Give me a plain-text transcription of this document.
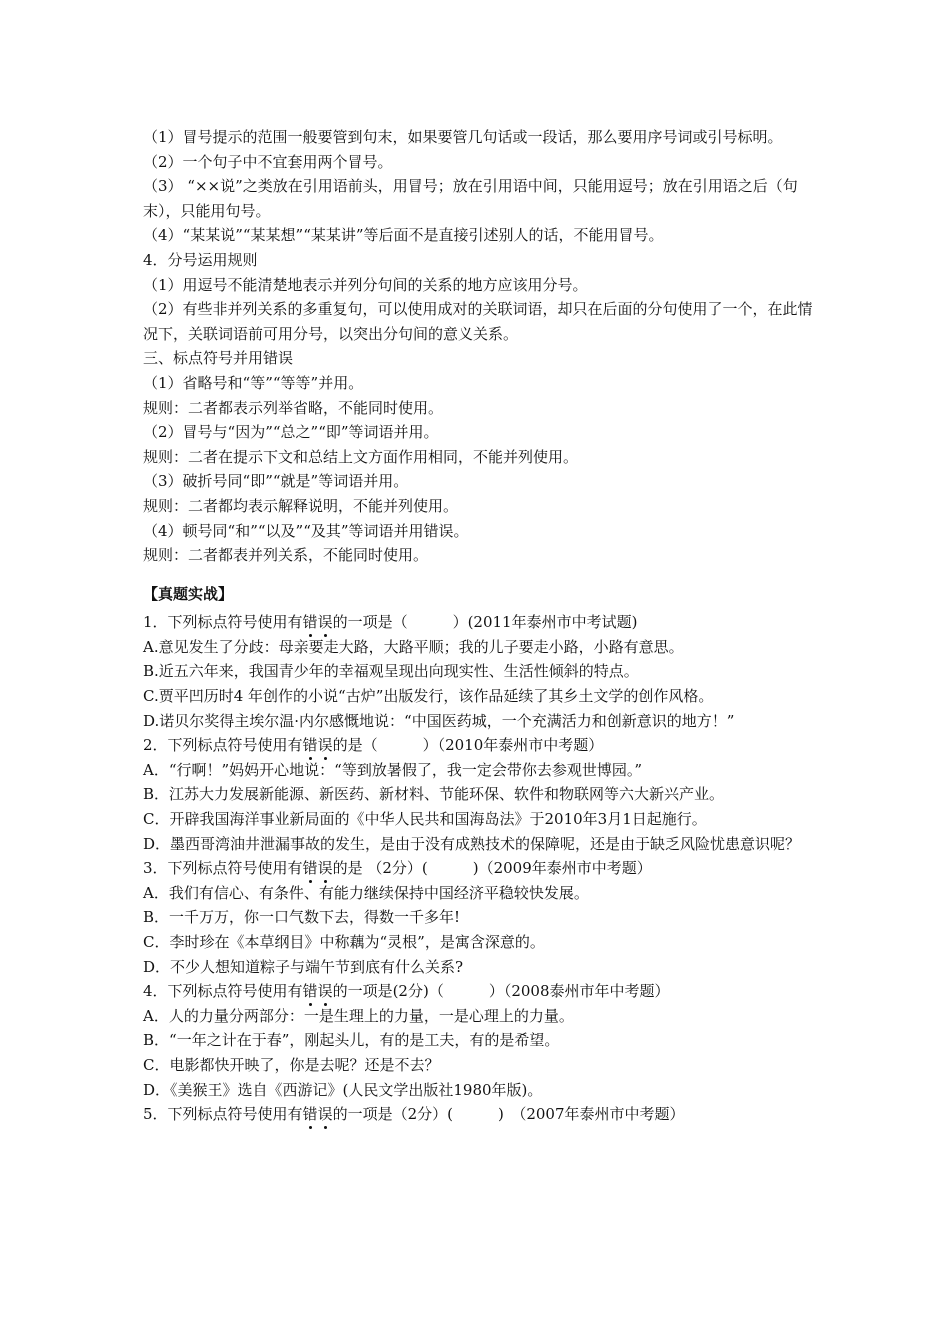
（1）冒号提示的范围一般要管到句末，如果要管几句话或一段话，那么要用序号词或引号标明。
（2）一个句子中不宜套用两个冒号。
（3） “××说”之类放在引用语前头，用冒号；放在引用语中间，只能用逗号；放在引用语之后（句末），只能用句号。
（4）“某某说”“某某想”“某某讲”等后面不是直接引述别人的话，不能用冒号。
4．分号运用规则
（1）用逗号不能清楚地表示并列分句间的关系的地方应该用分号。
（2）有些非并列关系的多重复句，可以使用成对的关联词语，却只在后面的分句使用了一个，在此情况下，关联词语前可用分号，以突出分句间的意义关系。
三、标点符号并用错误
（1）省略号和“等”“等等”并用。
规则：二者都表示列举省略，不能同时使用。
（2）冒号与“因为”“总之”“即”等词语并用。
规则：二者在提示下文和总结上文方面作用相同，不能并列使用。
（3）破折号同“即”“就是”等词语并用。
规则：二者都均表示解释说明，不能并列使用。
（4）顿号同“和”“以及”“及其”等词语并用错误。
规则：二者都表并列关系，不能同时使用。
【真题实战】
1．下列标点符号使用有错误的一项是（　　　）(2011年泰州市中考试题)
A.意见发生了分歧：母亲要走大路，大路平顺；我的儿子要走小路，小路有意思。
B.近五六年来，我国青少年的幸福观呈现出向现实性、生活性倾斜的特点。
C.贾平凹历时4 年创作的小说“古炉”出版发行，该作品延续了其乡土文学的创作风格。
D.诺贝尔奖得主埃尔温·内尔感慨地说：“中国医药城，一个充满活力和创新意识的地方！”
2．下列标点符号使用有错误的是（　　　）（2010年泰州市中考题）
A．“行啊！”妈妈开心地说：“等到放暑假了，我一定会带你去参观世博园。”
B．江苏大力发展新能源、新医药、新材料、节能环保、软件和物联网等六大新兴产业。
C．开辟我国海洋事业新局面的《中华人民共和国海岛法》于2010年3月1日起施行。
D．墨西哥湾油井泄漏事故的发生，是由于没有成熟技术的保障呢，还是由于缺乏风险忧患意识呢？
3．下列标点符号使用有错误的是 （2分）(　　　)（2009年泰州市中考题）
A．我们有信心、有条件、有能力继续保持中国经济平稳较快发展。
B．一千万万，你一口气数下去，得数一千多年!
C．李时珍在《本草纲目》中称藕为“灵根”，是寓含深意的。
D．不少人想知道粽子与端午节到底有什么关系?
4．下列标点符号使用有错误的一项是(2分)（　　　）（2008泰州市年中考题）
A．人的力量分两部分：一是生理上的力量，一是心理上的力量。
B．“一年之计在于春”，刚起头儿，有的是工夫，有的是希望。
C．电影都快开映了，你是去呢？还是不去？
D．《美猴王》选自《西游记》(人民文学出版社1980年版)。
5．下列标点符号使用有错误的一项是（2分）(　　　)　（2007年泰州市中考题）
